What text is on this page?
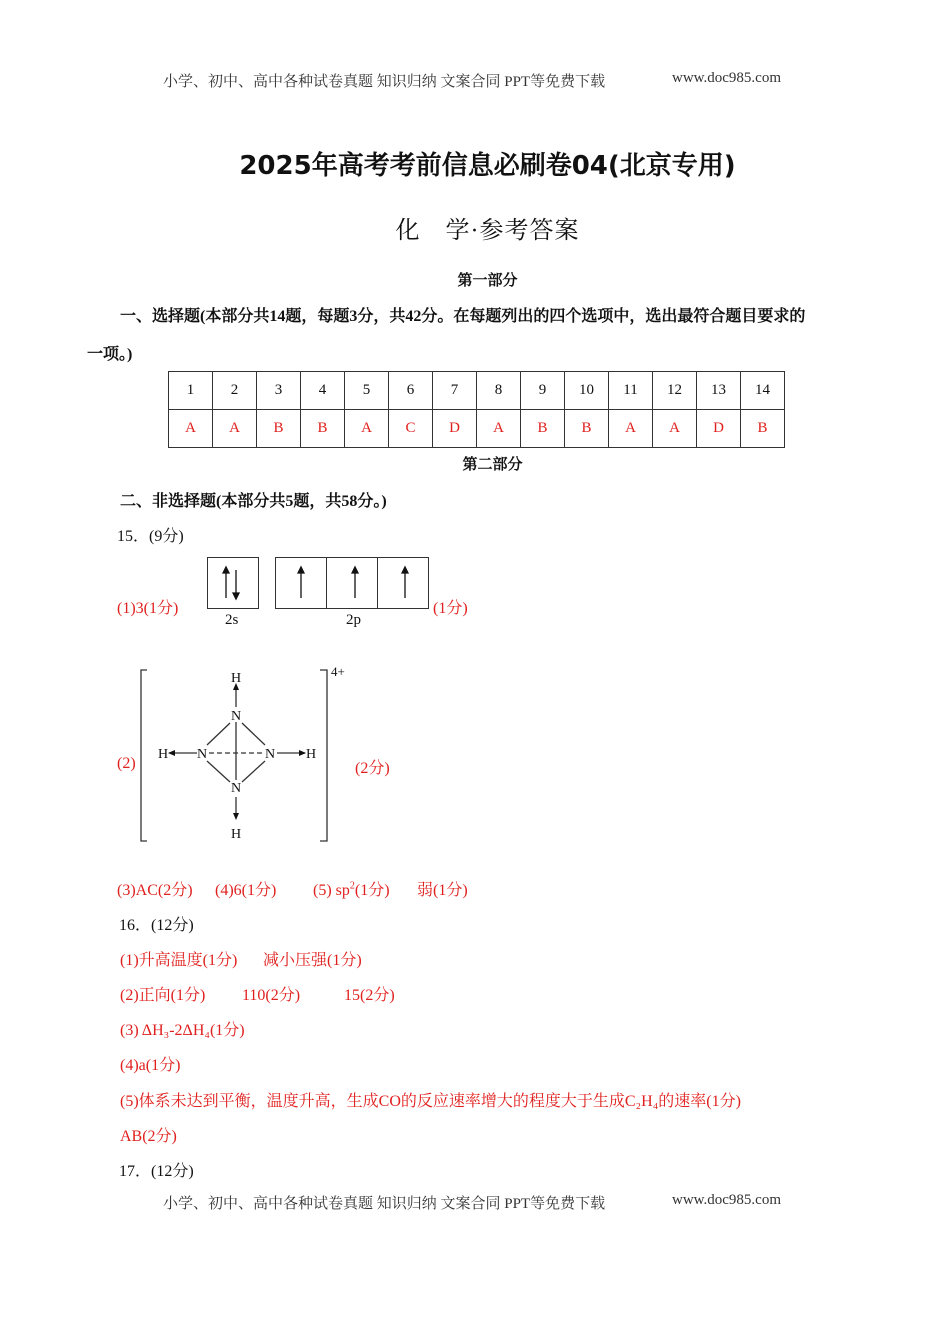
小学、初中、高中各种试卷真题 知识归纳 文案合同 PPT等免费下载	www.doc985.com
2025年高考考前信息必刷卷04(北京专用)
化　学·参考答案
第一部分
一、选择题(本部分共14题，每题3分，共42分。在每题列出的四个选项中，选出最符合题目要求的
一项。)
1	2	3	4	5	6	7	8	9	10	11	12	13	14
A	A	B	B	A	C	D	A	B	B	A	A	D	B
第二部分
二、非选择题(本部分共5题，共58分。)
15．(9分)
(1)3(1分)
2s	2p
(1分)
(2)
H
N
N	N
N
H
H	H
4+
(2分)
(3)AC(2分) (4)6(1分) (5) $sp^2(1$分) 弱(1分)
16．(12分)
(1)升高温度(1分) 减小压强(1分)
(2)正向(1分) 110(2分)	15(2分)
(3) ΔH₃-2ΔH₄(1分)
(4)a(1分)
(5)体系未达到平衡，温度升高，生成CO的反应速率增大的程度大于生成C₂H₄的速率(1分)
AB(2分)
17．(12分)
小学、初中、高中各种试卷真题 知识归纳 文案合同 PPT等免费下载	www.doc985.com
